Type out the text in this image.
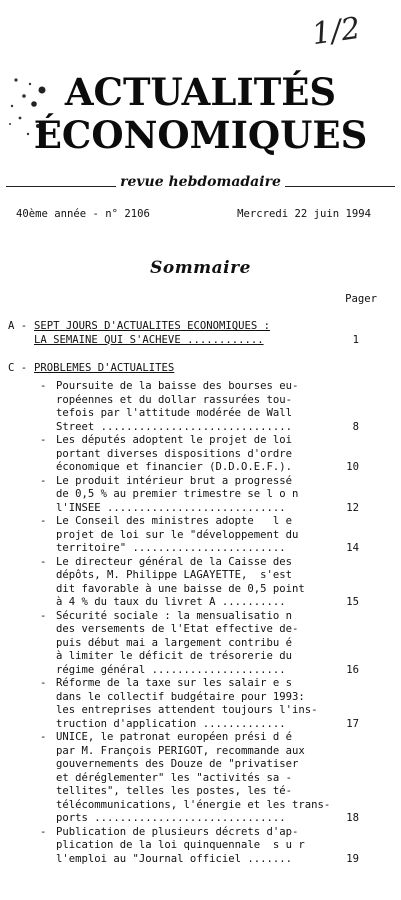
1/2
ACTUALITÉS
ÉCONOMIQUES
revue hebdomadaire
40ème année - n° 2106	Mercredi 22 juin 1994
Sommaire
Pager
A - SEPT JOURS D'ACTUALITES ECONOMIQUES :
LA SEMAINE QUI S'ACHEVE ............	1
C - PROBLEMES D'ACTUALITES
- Poursuite de la baisse des bourses eu-
ropéennes et du dollar rassurées tou-
tefois par l'attitude modérée de Wall
Street ..............................	8
- Les députés adoptent le projet de loi
portant diverses dispositions d'ordre
économique et financier (D.D.O.E.F.).	10
- Le produit intérieur brut a progressé
de 0,5 % au premier trimestre se l o n
l'INSEE ............................	12
- Le Conseil des ministres adopte   l e
projet de loi sur le "développement du
territoire" ........................	14
- Le directeur général de la Caisse des
dépôts, M. Philippe LAGAYETTE,  s'est
dit favorable à une baisse de 0,5 point
à 4 % du taux du livret A ..........	15
- Sécurité sociale : la mensualisatio n
des versements de l'Etat effective de-
puis début mai a largement contribu é
à limiter le déficit de trésorerie du
régime général .....................	16
- Réforme de la taxe sur les salair e s
dans le collectif budgétaire pour 1993:
les entreprises attendent toujours l'ins-
truction d'application .............	17
- UNICE, le patronat européen prési d é
par M. François PERIGOT, recommande aux
gouvernements des Douze de "privatiser
et déréglementer" les "activités sa -
tellites", telles les postes, les té-
télécommunications, l'énergie et les trans-
ports ..............................	18
- Publication de plusieurs décrets d'ap-
plication de la loi quinquennale  s u r
l'emploi au "Journal officiel .......	19
